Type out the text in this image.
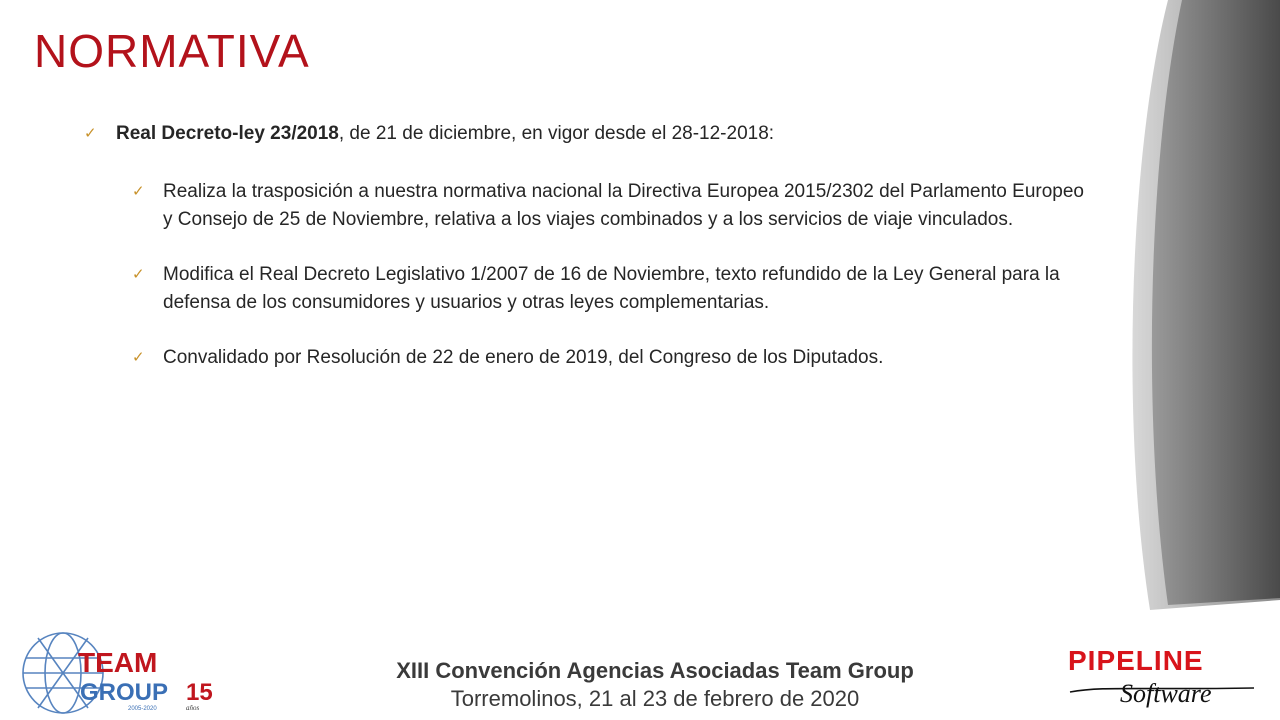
NORMATIVA
✓ Real Decreto-ley 23/2018, de 21 de diciembre, en vigor desde el 28-12-2018:
✓ Realiza la trasposición a nuestra normativa nacional la Directiva Europea 2015/2302 del Parlamento Europeo y Consejo de 25 de Noviembre, relativa a los viajes combinados y a los servicios de viaje vinculados.
✓ Modifica el Real Decreto Legislativo 1/2007 de 16 de Noviembre, texto refundido de la Ley General para la defensa de los consumidores y usuarios y otras leyes complementarias.
✓ Convalidado por Resolución de 22 de enero de 2019, del Congreso de los Diputados.
TEAM
GROUP 15
2005-2020	años
XIII Convención Agencias Asociadas Team Group
Torremolinos, 21 al 23 de febrero de 2020
PIPELINE
Software
